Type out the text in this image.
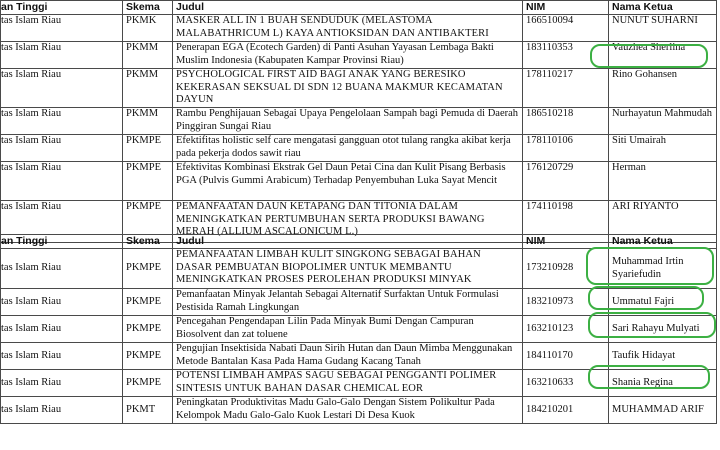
an Tinggi	Skema	Judul	NIM	Nama Ketua
tas Islam Riau	PKMK	MASKER ALL IN 1 BUAH SENDUDUK (MELASTOMA MALABATHRICUM L) KAYA ANTIOKSIDAN DAN ANTIBAKTERI	166510094	NUNUT SUHARNI
tas Islam Riau	PKMM	Penerapan EGA (Ecotech Garden) di Panti Asuhan Yayasan Lembaga Bakti Muslim Indonesia (Kabupaten Kampar Provinsi Riau)	183110353	Vauzhea Sherlina
tas Islam Riau	PKMM	PSYCHOLOGICAL FIRST AID BAGI ANAK YANG BERESIKO KEKERASAN SEKSUAL DI SDN 12 BUANA MAKMUR KECAMATAN DAYUN	178110217	Rino Gohansen
tas Islam Riau	PKMM	Rambu Penghijauan Sebagai Upaya Pengelolaan Sampah bagi Pemuda di Daerah Pinggiran Sungai Riau	186510218	Nurhayatun Mahmudah
tas Islam Riau	PKMPE	Efektifitas holistic self care mengatasi gangguan otot tulang rangka akibat kerja pada pekerja dodos sawit riau	178110106	Siti Umairah
tas Islam Riau	PKMPE	Efektivitas Kombinasi Ekstrak Gel Daun Petai Cina dan Kulit Pisang Berbasis PGA (Pulvis Gummi Arabicum) Terhadap Penyembuhan Luka Sayat Mencit	176120729	Herman
tas Islam Riau	PKMPE	PEMANFAATAN DAUN KETAPANG DAN TITONIA DALAM MENINGKATKAN PERTUMBUHAN SERTA PRODUKSI BAWANG MERAH (ALLIUM ASCALONICUM L.)	174110198	ARI RIYANTO
an Tinggi	Skema	Judul	NIM	Nama Ketua
tas Islam Riau	PKMPE	PEMANFAATAN LIMBAH KULIT SINGKONG SEBAGAI BAHAN DASAR PEMBUATAN BIOPOLIMER UNTUK MEMBANTU MENINGKATKAN PROSES PEROLEHAN PRODUKSI MINYAK	173210928	Muhammad Irtin Syariefudin
tas Islam Riau	PKMPE	Pemanfaatan Minyak Jelantah Sebagai Alternatif Surfaktan Untuk Formulasi Pestisida Ramah Lingkungan	183210973	Ummatul Fajri
tas Islam Riau	PKMPE	Pencegahan Pengendapan Lilin Pada Minyak Bumi Dengan Campuran Biosolvent dan zat toluene	163210123	Sari Rahayu Mulyati
tas Islam Riau	PKMPE	Pengujian Insektisida Nabati Daun Sirih Hutan dan Daun Mimba Menggunakan Metode Bantalan Kasa Pada Hama Gudang Kacang Tanah	184110170	Taufik Hidayat
tas Islam Riau	PKMPE	POTENSI LIMBAH AMPAS SAGU SEBAGAI PENGGANTI POLIMER SINTESIS UNTUK BAHAN DASAR CHEMICAL EOR	163210633	Shania Regina
tas Islam Riau	PKMT	Peningkatan Produktivitas Madu Galo-Galo Dengan Sistem Polikultur Pada Kelompok Madu Galo-Galo Kuok Lestari Di Desa Kuok	184210201	MUHAMMAD ARIF
